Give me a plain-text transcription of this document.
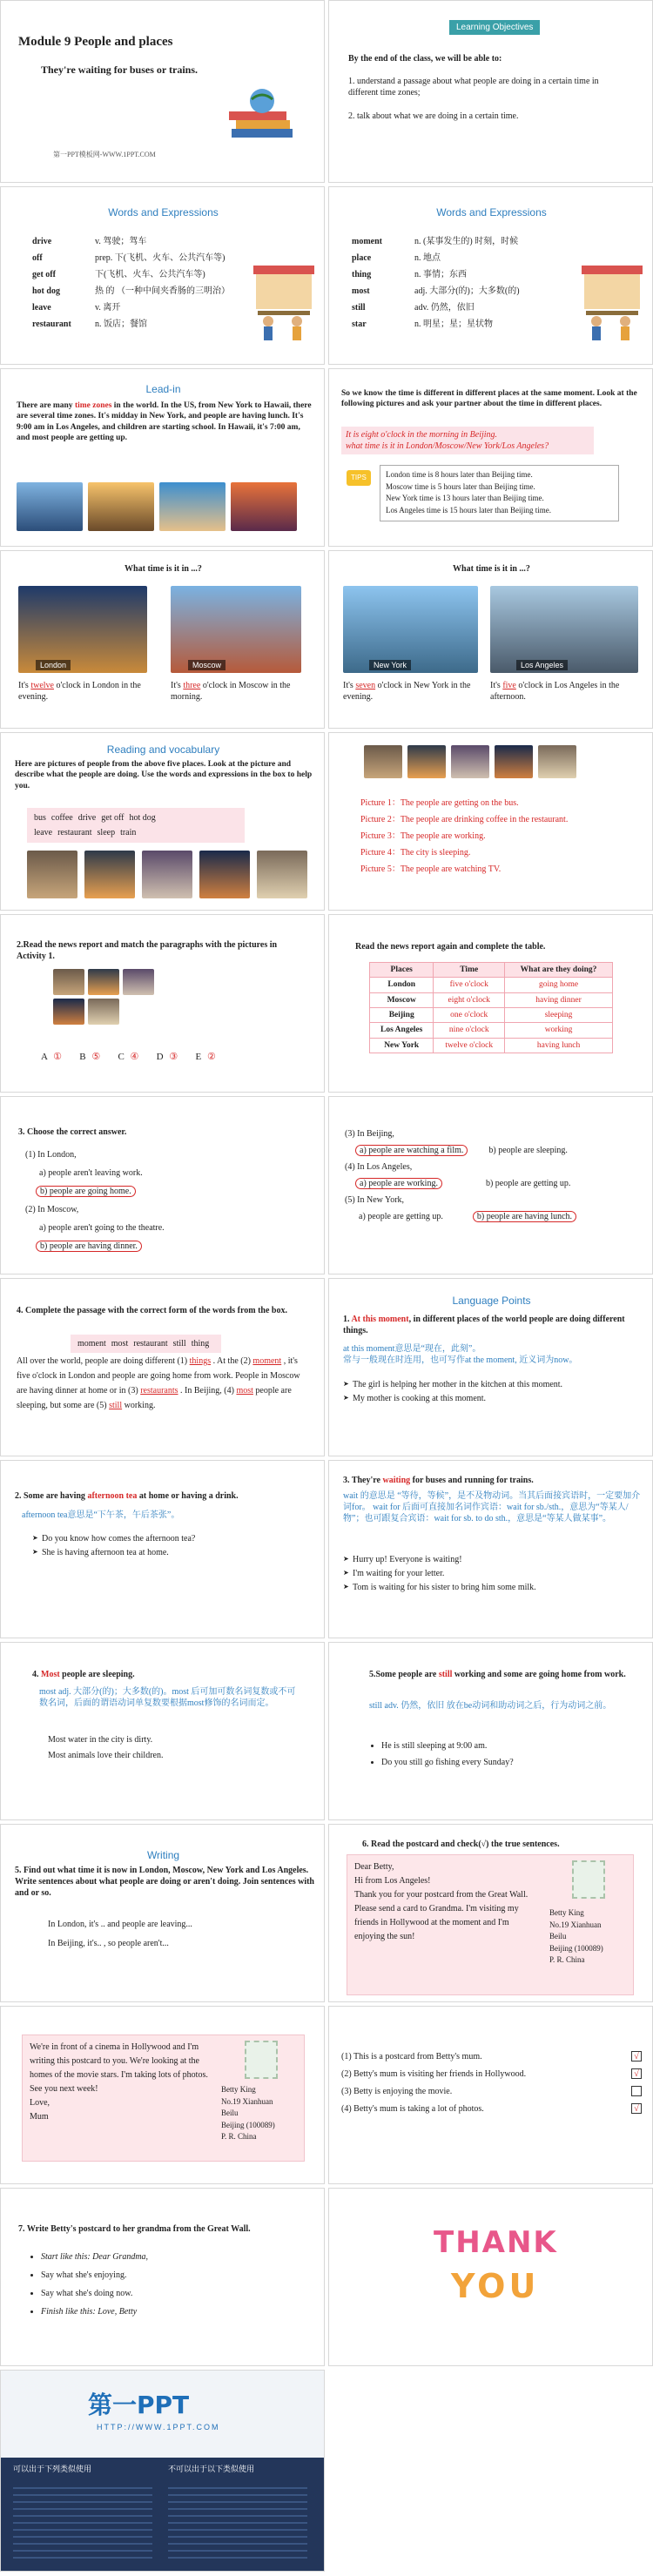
Module 9 People and places
They're waiting for buses or trains.
第一PPT模板网-WWW.1PPT.COM
Learning Objectives
By the end of the class, we will be able to:
1. understand a passage about what people are doing in a certain time in different time zones;
2. talk about what we are doing in a certain time.
Words and Expressions
drive	v. 驾驶；驾车
off	prep. 下(飞机、火车、公共汽车等)
get off	下(飞机、火车、公共汽车等)
hot dog	热 的 （一种中间夹香肠的三明治）
leave	v. 离开
restaurant	n. 饭店；餐馆
Words and Expressions
moment	n. (某事发生的) 时刻，时候
place	n. 地点
thing	n. 事情；东西
most	adj. 大部分(的)；大多数(的)
still	adv. 仍然，依旧
star	n. 明星；星；星状物
Lead-in
There are many time zones in the world. In the US, from New York to Hawaii, there are several time zones. It's midday in New York, and people are having lunch. It's 9:00 am in Los Angeles, and children are starting school. In Hawaii, it's 7:00 am, and most people are getting up.
So we know the time is different in different places at the same moment. Look at the following pictures and ask your partner about the time in different places.
It is eight o'clock in the morning in Beijing.
what time is it in London/Moscow/New York/Los Angeles?
TIPS	London time is 8 hours later than Beijing time.
Moscow time is 5 hours later than Beijing time.
New York time is 13 hours later than Beijing time.
Los Angeles time is 15 hours later than Beijing time.
What time is it in ...?
London	Moscow
It's twelve o'clock in London in the evening.
It's three o'clock in Moscow in the morning.
What time is it in ...?
New York	Los Angeles
It's seven o'clock in New York in the evening.
It's five o'clock in Los Angeles in the afternoon.
Reading and vocabulary
Here are pictures of people from the above five places. Look at the picture and describe what the people are doing. Use the words and expressions in the box to help you.
bus coffee drive get off hot dog
leave restaurant sleep train
Picture 1：The people are getting on the bus.
Picture 2：The people are drinking coffee in the restaurant.
Picture 3：The people are working.
Picture 4：The city is sleeping.
Picture 5：The people are watching TV.
2.Read the news report and match the paragraphs with the pictures in Activity 1.
A ① B ⑤ C ④ D ③ E ②
Read the news report again and complete the table.
Places	Time	What are they doing?
London	five o'clock	going home
Moscow	eight o'clock	having dinner
Beijing	one o'clock	sleeping
Los Angeles	nine o'clock	working
New York	twelve o'clock	having lunch
3. Choose the correct answer.
(1) In London,
a) people aren't leaving work.
b) people are going home.
(2) In Moscow,
a) people aren't going to the theatre.
b) people are having dinner.
(3) In Beijing,
a) people are watching a film.	b) people are sleeping.
(4) In Los Angeles,
a) people are working.	b) people are getting up.
(5) In New York,
a) people are getting up.	b) people are having lunch.
4. Complete the passage with the correct form of the words from the box.
moment most restaurant still thing
All over the world, people are doing different (1) things . At the (2) moment , it's five o'clock in London and people are going home from work. People in Moscow are having dinner at home or in (3) restaurants . In Beijing, (4) most people are sleeping, but some are (5) still working.
Language Points
1. At this moment, in different places of the world people are doing different things.
at this moment意思是“现在，此刻”。
常与一般现在时连用，也可写作at the moment, 近义词为now。
➤ The girl is helping her mother in the kitchen at this moment.
➤ My mother is cooking at this moment.
2. Some are having afternoon tea at home or having a drink.
afternoon tea意思是“下午茶，午后茶张”。
➤ Do you know how comes the afternoon tea?
➤ She is having afternoon tea at home.
3. They're waiting for buses and running for trains.
wait 的意思是 “等待，等候”，是不及物动词。当其后面接宾语时，一定要加介词for。 wait for 后面可直接加名词作宾语：wait for sb./sth.，意思为“等某人/物”；也可跟复合宾语：wait for sb. to do sth.，意思是“等某人做某事”。
➤ Hurry up! Everyone is waiting!
➤ I'm waiting for your letter.
➤ Tom is waiting for his sister to bring him some milk.
4. Most people are sleeping.
most adj. 大部分(的)；大多数(的)。most 后可加可数名词复数或不可数名词，后面的谓语动词单复数要根据most修饰的名词而定。
Most water in the city is dirty.
Most animals love their children.
5.Some people are still working and some are going home from work.
still adv. 仍然，依旧 放在be动词和助动词之后，行为动词之前。
• He is still sleeping at 9:00 am.
• Do you still go fishing every Sunday?
Writing
5. Find out what time it is now in London, Moscow, New York and Los Angeles. Write sentences about what people are doing or aren't doing. Join sentences with and or so.
In London, it's .. and people are leaving...
In Beijing, it's.. , so people aren't...
6. Read the postcard and check(√) the true sentences.
Dear Betty,
Hi from Los Angeles!
Thank you for your postcard from the Great Wall. Please send a card to Grandma. I'm visiting my friends in Hollywood at the moment and I'm enjoying the sun!
Betty King
No.19 Xianhuan
Beilu
Beijing (100089)
P. R. China
We're in front of a cinema in Hollywood and I'm writing this postcard to you. We're looking at the homes of the movie stars. I'm taking lots of photos. See you next week!
Love,
Mum
Betty King
No.19 Xianhuan
Beilu
Beijing (100089)
P. R. China
(1) This is a postcard from Betty's mum.	√
(2) Betty's mum is visiting her friends in Hollywood.	√
(3) Betty is enjoying the movie.
(4) Betty's mum is taking a lot of photos.	√
7. Write Betty's postcard to her grandma from the Great Wall.
• Start like this: Dear Grandma,
• Say what she's enjoying.
• Say what she's doing now.
• Finish like this: Love, Betty
THANK
YOU
第一PPT
HTTP://WWW.1PPT.COM
可以出于下列类似使用	不可以出于以下类似使用
